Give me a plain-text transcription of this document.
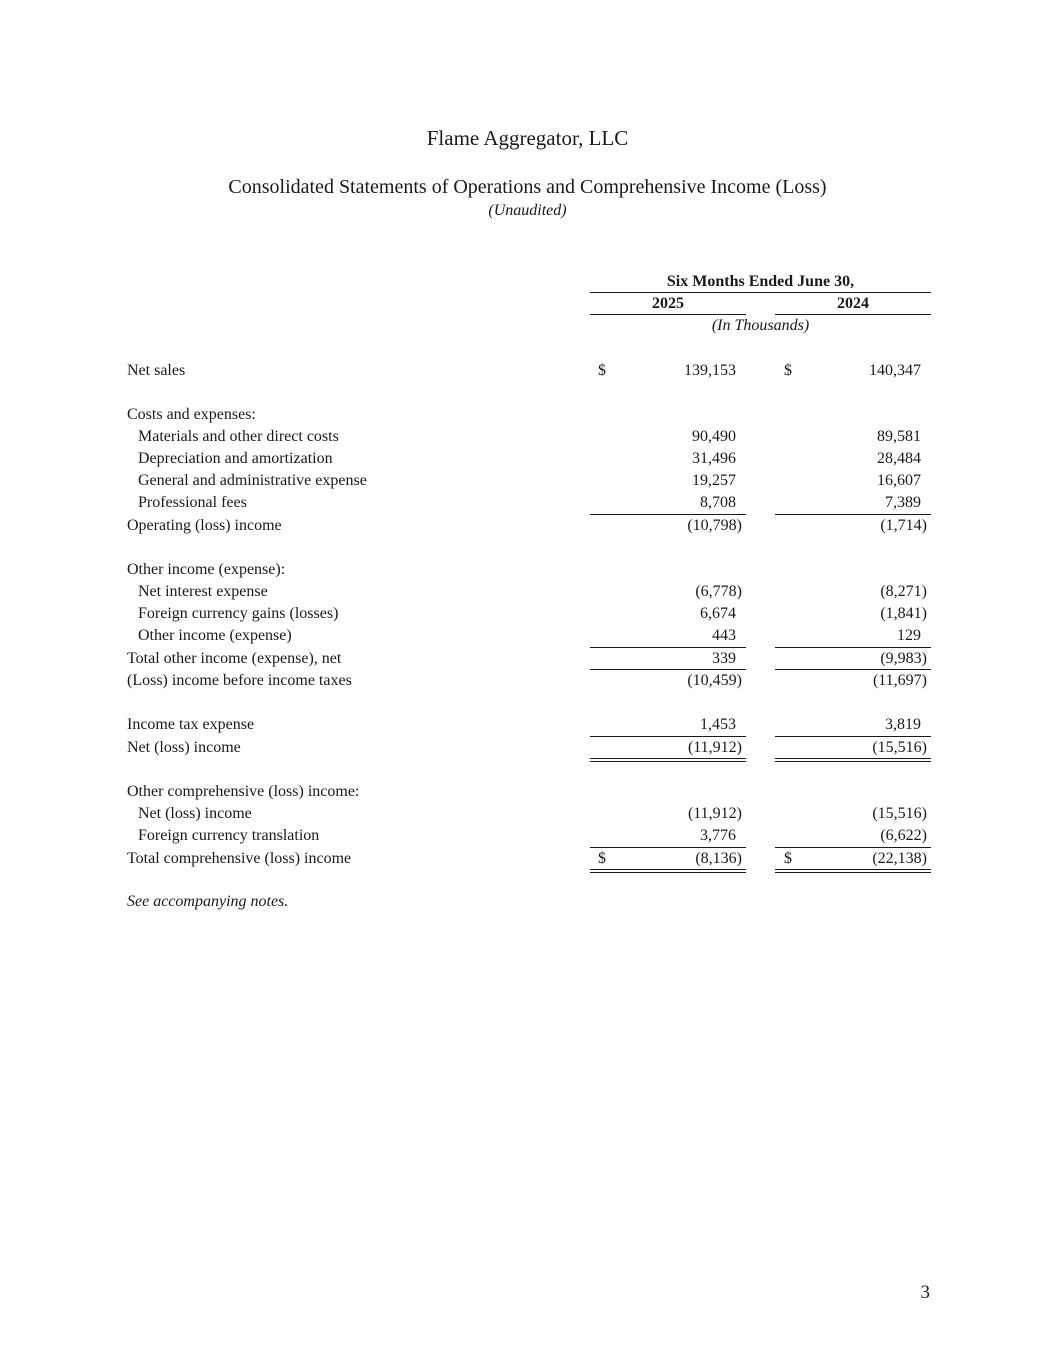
Flame Aggregator, LLC
Consolidated Statements of Operations and Comprehensive Income (Loss)
(Unaudited)
Six Months Ended June 30,
2025	2024
(In Thousands)
Net sales	$	139,153	$	140,347
Costs and expenses:
Materials and other direct costs	90,490	89,581
Depreciation and amortization	31,496	28,484
General and administrative expense	19,257	16,607
Professional fees	8,708	7,389
Operating (loss) income	(10,798)	(1,714)
Other income (expense):
Net interest expense	(6,778)	(8,271)
Foreign currency gains (losses)	6,674	(1,841)
Other income (expense)	443	129
Total other income (expense), net	339	(9,983)
(Loss) income before income taxes	(10,459)	(11,697)
Income tax expense	1,453	3,819
Net (loss) income	(11,912)	(15,516)
Other comprehensive (loss) income:
Net (loss) income	(11,912)	(15,516)
Foreign currency translation	3,776	(6,622)
Total comprehensive (loss) income	$	(8,136)	$	(22,138)
See accompanying notes.
3
